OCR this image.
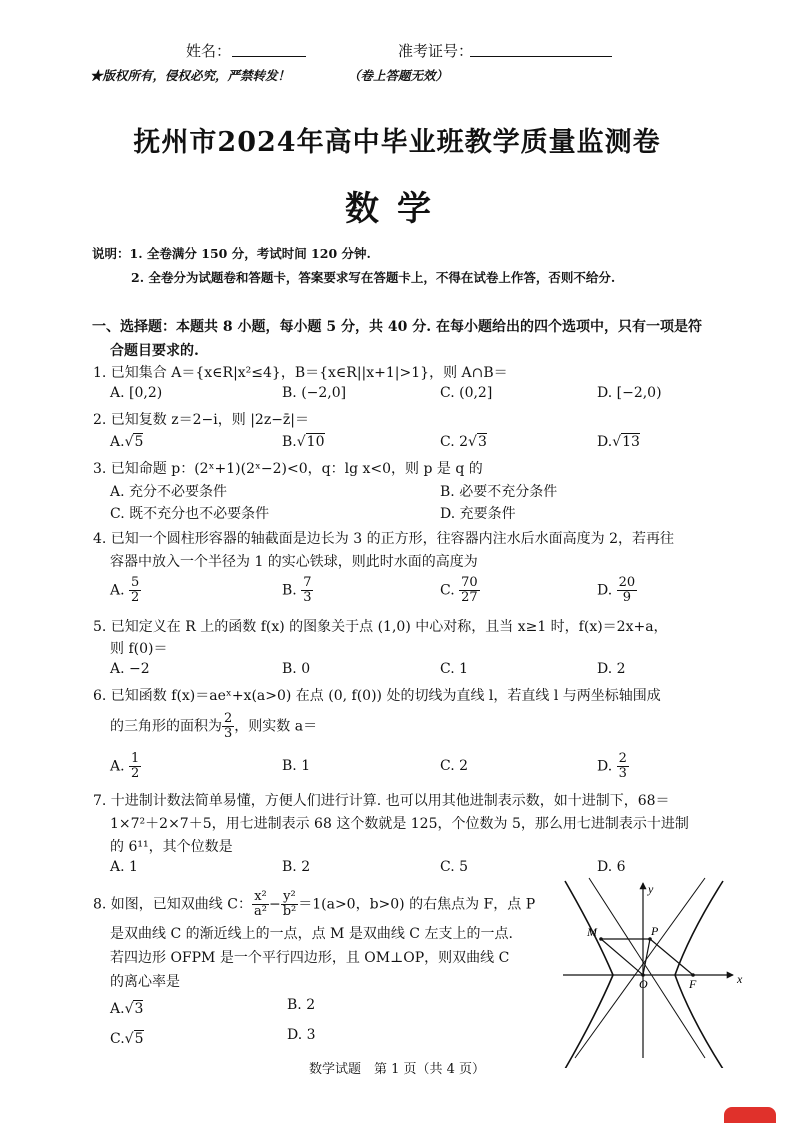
姓名：	准考证号：
★版权所有，侵权必究，严禁转发！	（卷上答题无效）
抚州市2024年高中毕业班教学质量监测卷
数学
说明：1. 全卷满分 150 分，考试时间 120 分钟.
2. 全卷分为试题卷和答题卡，答案要求写在答题卡上，不得在试卷上作答，否则不给分.
一、选择题：本题共 8 小题，每小题 5 分，共 40 分. 在每小题给出的四个选项中，只有一项是符
合题目要求的.
1. 已知集合 A＝{x∈R|x²≤4}，B＝{x∈R||x+1|>1}，则 A∩B＝
A. [0,2)	B. (−2,0]	C. (0,2]	D. [−2,0)
2. 已知复数 z＝2−i，则 |2z−z̄|＝
A.√5	B.√10	C. 2√3	D.√13
3. 已知命题 p：(2ˣ+1)(2ˣ−2)<0，q：lg x<0，则 p 是 q 的
A. 充分不必要条件	B. 必要不充分条件
C. 既不充分也不必要条件	D. 充要条件
4. 已知一个圆柱形容器的轴截面是边长为 3 的正方形，往容器内注水后水面高度为 2，若再往
容器中放入一个半径为 1 的实心铁球，则此时水面的高度为
A. $\frac{5}{2}$	B. $\frac{7}{3}$	C. $\frac{70}{27}$	D. $\frac{20}{9}$
5. 已知定义在 R 上的函数 f(x) 的图象关于点 (1,0) 中心对称，且当 x≥1 时，f(x)＝2x+a，
则 f(0)＝
A. −2	B. 0	C. 1	D. 2
6. 已知函数 f(x)＝aeˣ+x(a>0) 在点 (0, f(0)) 处的切线为直线 l，若直线 l 与两坐标轴围成
的三角形的面积为 $\frac{2}{3}$ ，则实数 a＝
A. $\frac{1}{2}$	B. 1	C. 2	D. $\frac{2}{3}$
7. 十进制计数法简单易懂，方便人们进行计算. 也可以用其他进制表示数，如十进制下，68＝
1×7²＋2×7＋5，用七进制表示 68 这个数就是 125，个位数为 5，那么用七进制表示十进制
的 6¹¹，其个位数是
A. 1	B. 2	C. 5	D. 6
8. 如图，已知双曲线 C： $\frac{\text{x²}}{\text{a²}} - \frac{\text{y²}}{\text{b²}} =1(a>0$，b>0) 的右焦点为 F，点 P
是双曲线 C 的渐近线上的一点，点 M 是双曲线 C 左支上的一点.
若四边形 OFPM 是一个平行四边形，且 OM⊥OP，则双曲线 C
的离心率是
A.√3	B. 2
C.√5	D. 3
y
x
O
M	P
F
数学试题　第 1 页（共 4 页）
